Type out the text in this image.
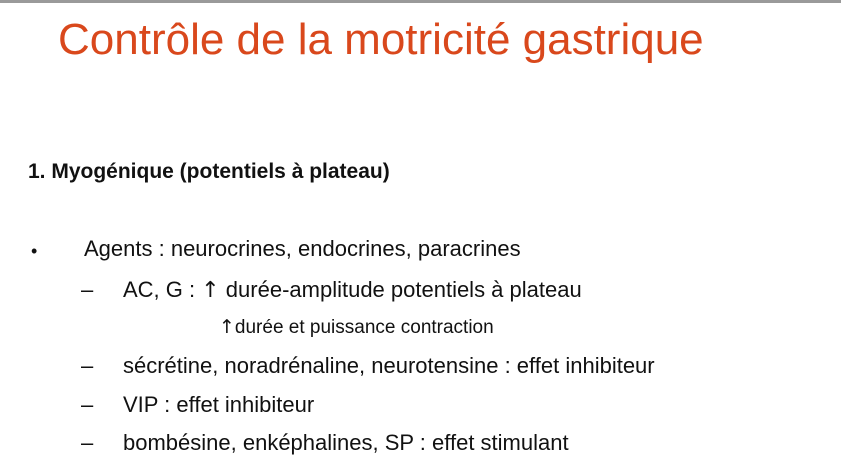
Contrôle de la motricité gastrique
1. Myogénique (potentiels à plateau)
• Agents : neurocrines, endocrines, paracrines
– AC, G : ↑ durée-amplitude potentiels à plateau
↑durée et puissance contraction
– sécrétine, noradrénaline, neurotensine : effet inhibiteur
– VIP : effet inhibiteur
– bombésine, enképhalines, SP : effet stimulant
